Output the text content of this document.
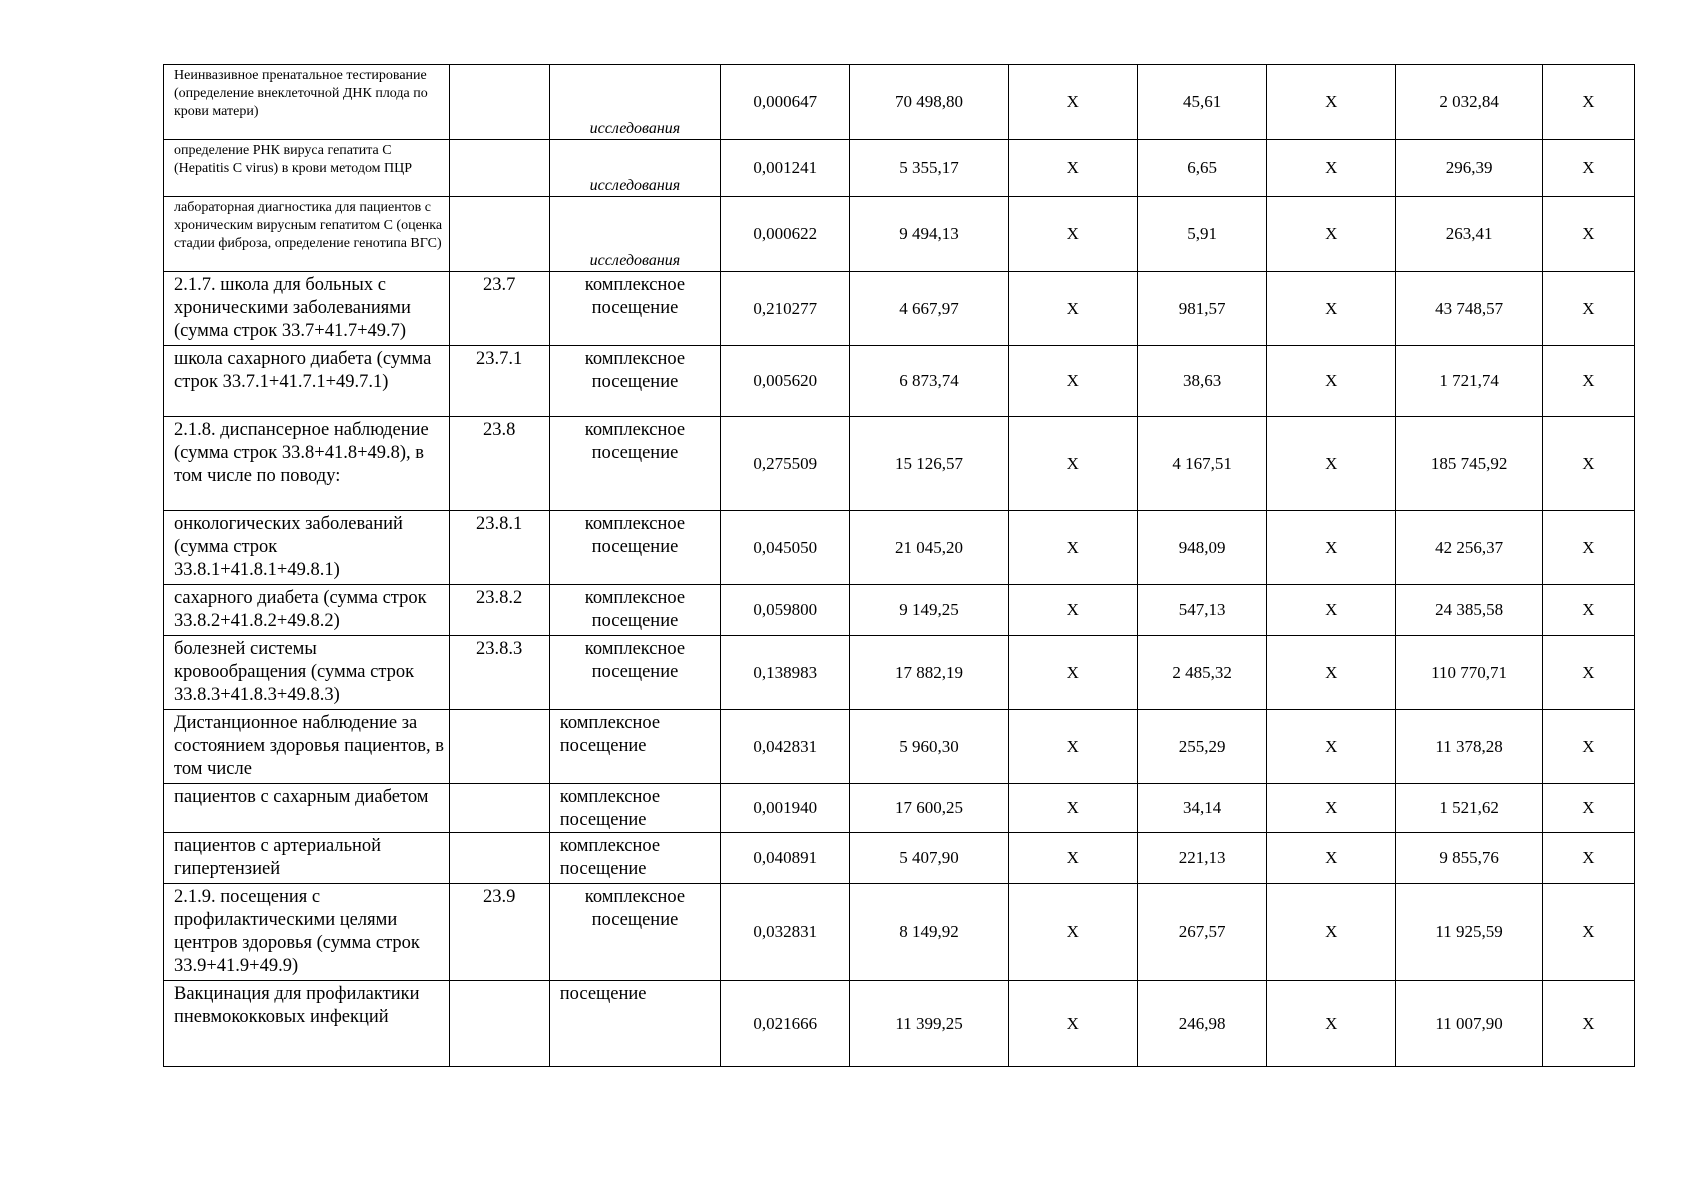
Неинвазивное пренатальное тестирование (определение внеклеточной ДНК плода по крови матери)		исследования	0,000647	70 498,80	X	45,61	X	2 032,84	X
определение РНК вируса гепатита С (Hepatitis C virus) в крови методом ПЦР		исследования	0,001241	5 355,17	X	6,65	X	296,39	X
лабораторная диагностика для пациентов с хроническим вирусным гепатитом С (оценка стадии фиброза, определение генотипа ВГС)		исследования	0,000622	9 494,13	X	5,91	X	263,41	X
2.1.7. школа для больных с хроническими заболеваниями (сумма строк 33.7+41.7+49.7)	23.7	комплексное посещение	0,210277	4 667,97	X	981,57	X	43 748,57	X
школа сахарного диабета (сумма строк 33.7.1+41.7.1+49.7.1)	23.7.1	комплексное посещение	0,005620	6 873,74	X	38,63	X	1 721,74	X
2.1.8. диспансерное наблюдение (сумма строк 33.8+41.8+49.8), в том числе по поводу:	23.8	комплексное посещение	0,275509	15 126,57	X	4 167,51	X	185 745,92	X
онкологических заболеваний (сумма строк 33.8.1+41.8.1+49.8.1)	23.8.1	комплексное посещение	0,045050	21 045,20	X	948,09	X	42 256,37	X
сахарного диабета (сумма строк 33.8.2+41.8.2+49.8.2)	23.8.2	комплексное посещение	0,059800	9 149,25	X	547,13	X	24 385,58	X
болезней системы кровообращения (сумма строк 33.8.3+41.8.3+49.8.3)	23.8.3	комплексное посещение	0,138983	17 882,19	X	2 485,32	X	110 770,71	X
Дистанционное наблюдение за состоянием здоровья пациентов, в том числе		комплексное посещение	0,042831	5 960,30	X	255,29	X	11 378,28	X
пациентов с сахарным диабетом		комплексное посещение	0,001940	17 600,25	X	34,14	X	1 521,62	X
пациентов с артериальной гипертензией		комплексное посещение	0,040891	5 407,90	X	221,13	X	9 855,76	X
2.1.9. посещения с профилактическими целями центров здоровья (сумма строк 33.9+41.9+49.9)	23.9	комплексное посещение	0,032831	8 149,92	X	267,57	X	11 925,59	X
Вакцинация для профилактики пневмококковых инфекций		посещение	0,021666	11 399,25	X	246,98	X	11 007,90	X
